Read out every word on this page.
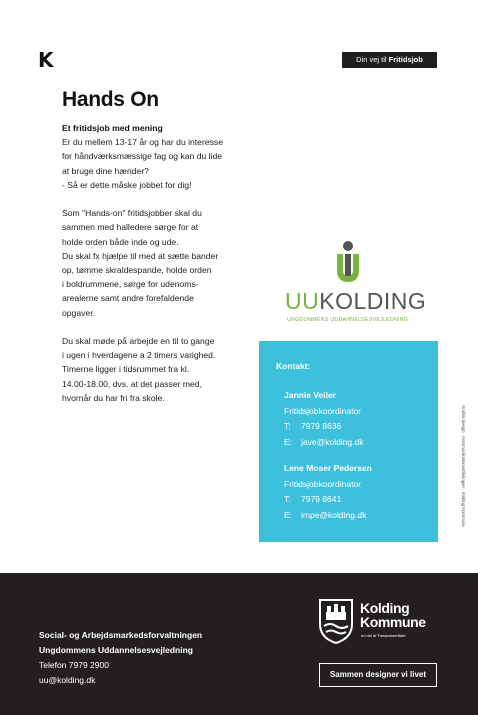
K	Din vej til Fritidsjob
Hands On

Et fritidsjob med mening
Er du mellem 13-17 år og har du interesse
for håndværksmæssige fag og kan du lide
at bruge dine hænder?
- Så er dette måske jobbet for dig!

Som "Hands-on" fritidsjobber skal du
sammen med halledere sørge for at
holde orden både inde og ude.
Du skal fx hjælpe til med at sætte bander
op, tømme skraldespande, holde orden
i boldrummene, sørge for udenoms-
arealerne samt andre forefaldende
opgaver.

Du skal møde på arbejde en til to gange
i ugen i hverdagene a 2 timers varighed.
Timerne ligger i tidsrummet fra kl.
14.00-18.00, dvs. at det passer med,
hvornår du har fri fra skole.

UUKOLDING
UNGDOMMENS UDDANNELSESVEJLEDNING
Kontakt:
Jannie Veiler
Fritidsjobkoordinator
T:	7979 8636
E:	jave@kolding.dk
Lene Moser Pedersen
Fritidsjobkoordinator
T:	7979 8641
E:	impe@kolding.dk	Grafisk design · Kommunikationsafdelingen · Kolding Kommune
Social- og Arbejdsmarkedsforvaltningen
Ungdommens Uddannelsesvejledning
Telefon 7979 2900
uu@kolding.dk
Kolding
Kommune
en del af Trekantområdet
Sammen designer vi livet
